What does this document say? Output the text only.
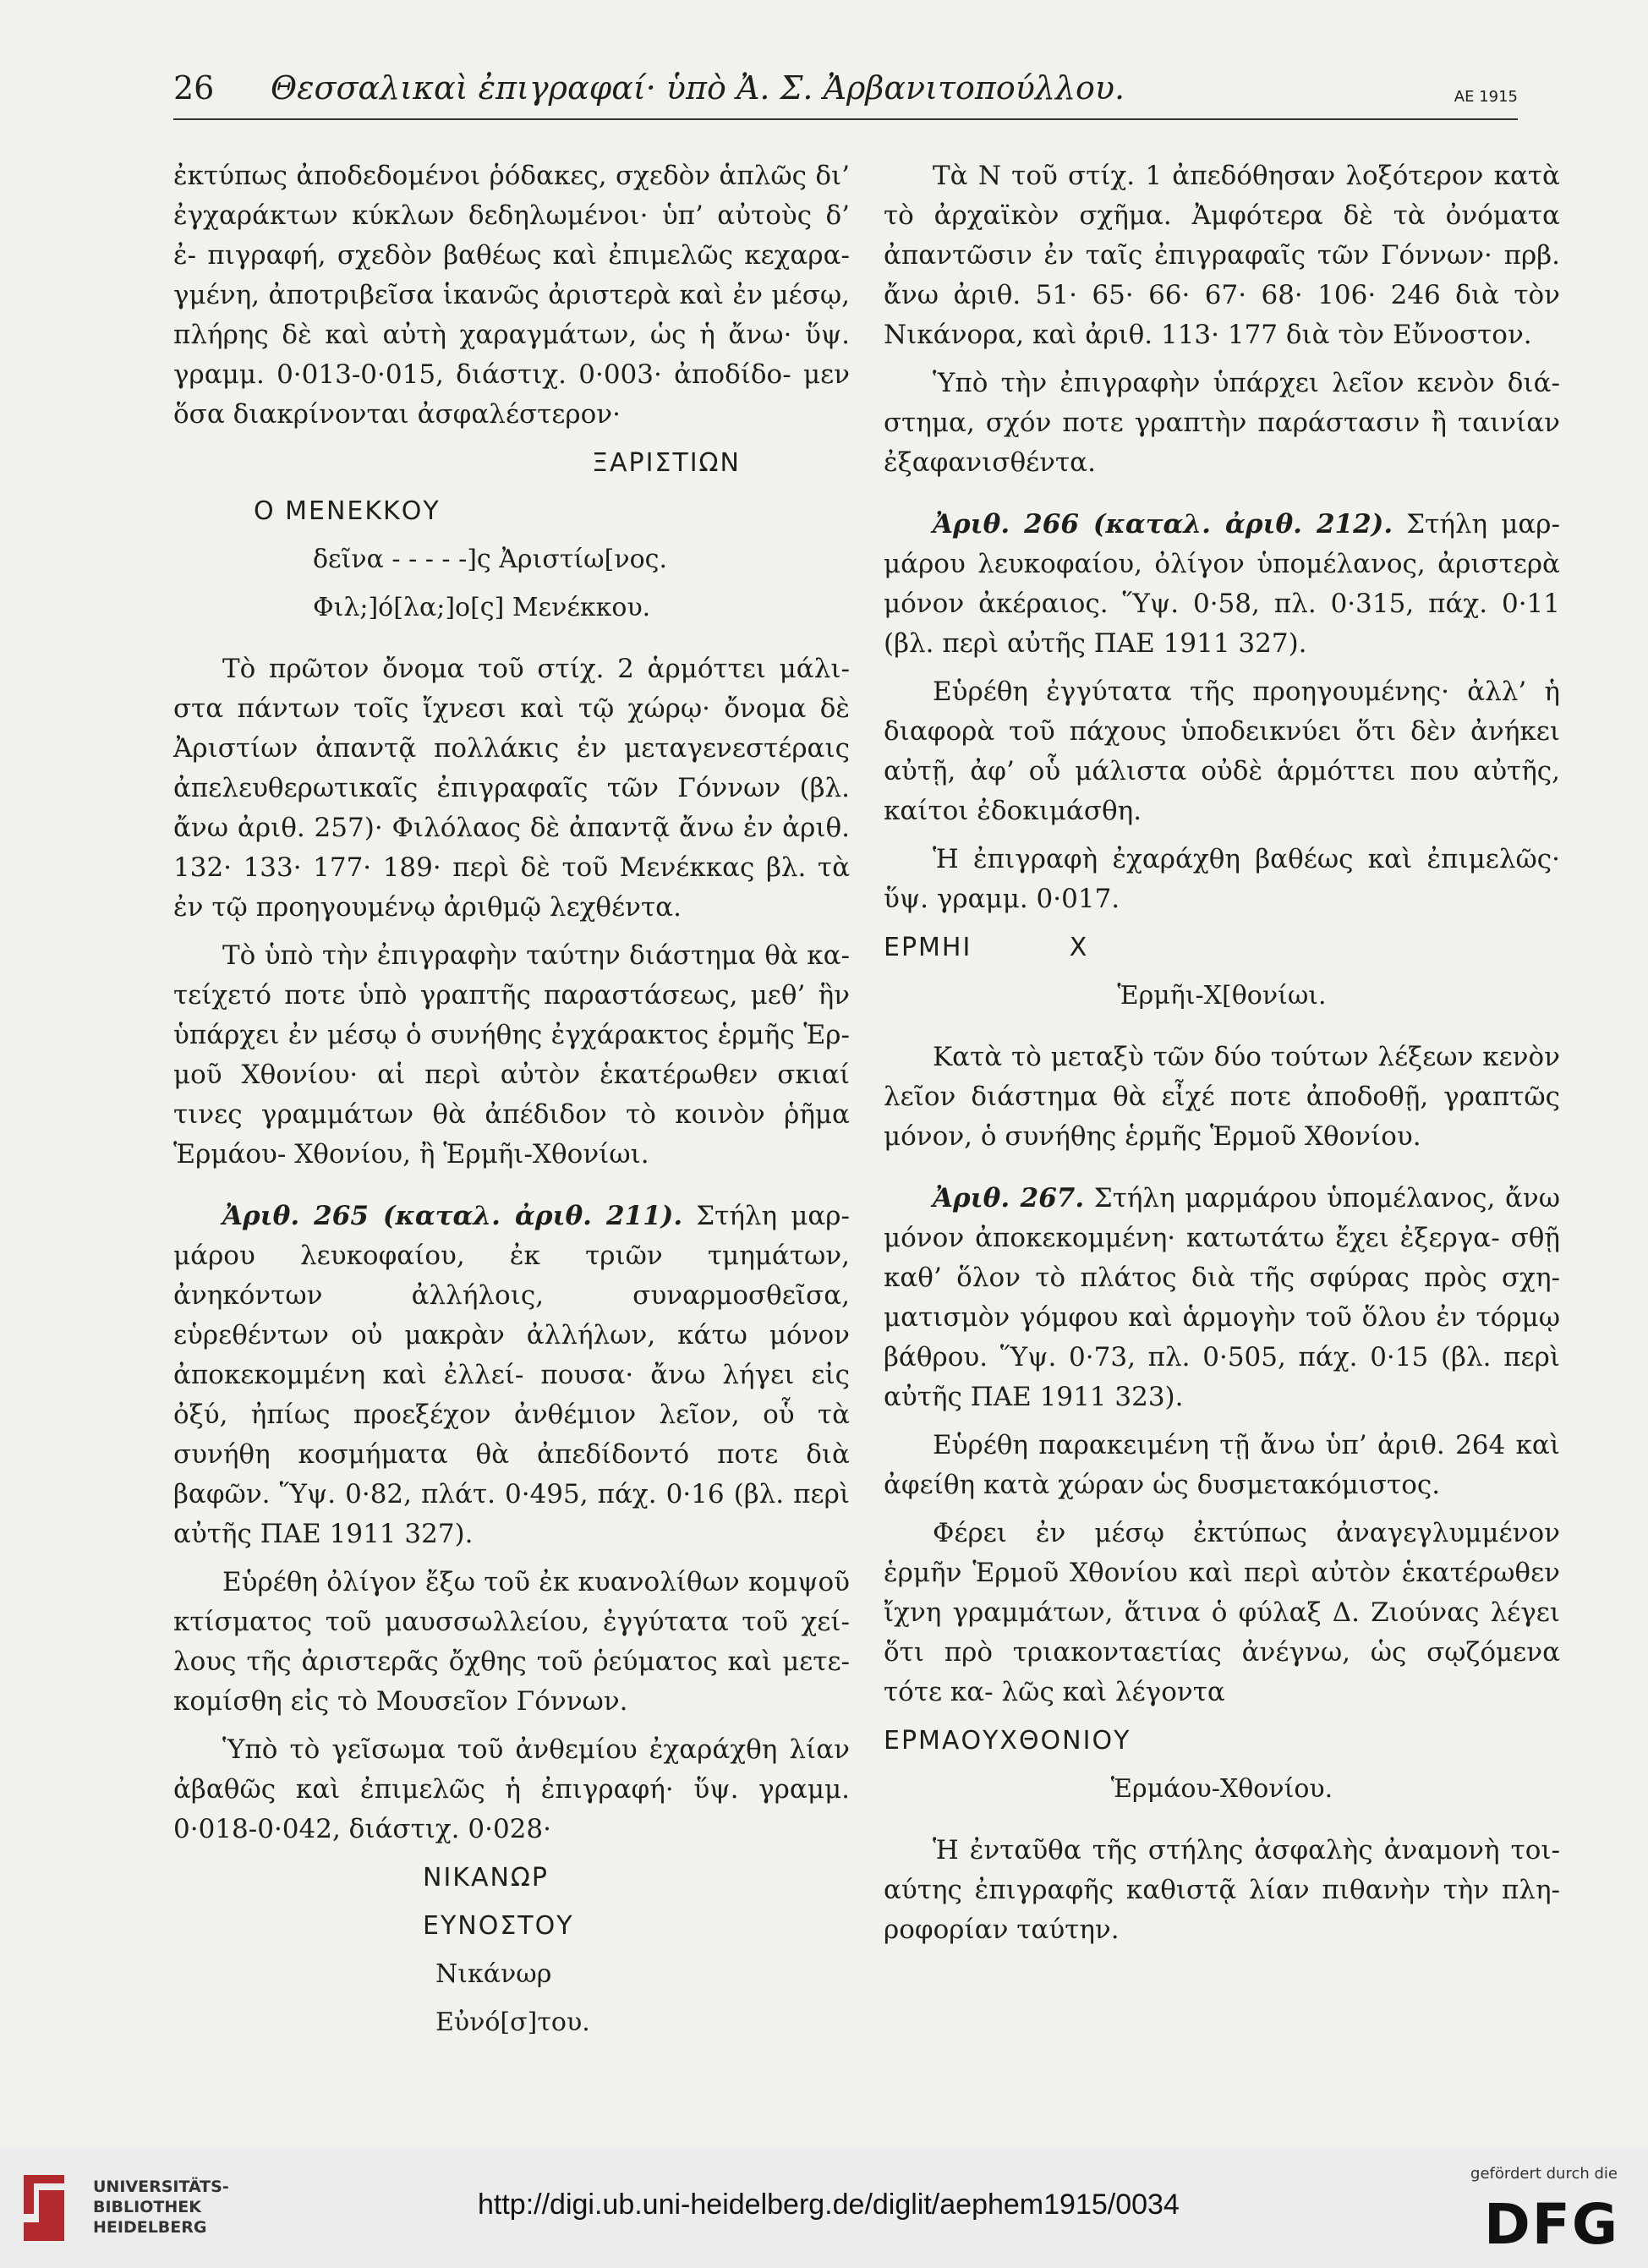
26 Θεσσαλικαὶ ἐπιγραφαί· ὑπὸ Ἀ. Σ. Ἀρβανιτοπούλλου.	ΑΕ 1915

ἐκτύπως ἀποδεδομένοι ῥόδακες, σχεδὸν ἁπλῶς δι’ ἐγχαράκτων κύκλων δεδηλωμένοι· ὑπ’ αὐτοὺς δ’ ἐ- πιγραφή, σχεδὸν βαθέως καὶ ἐπιμελῶς κεχαρα- γμένη, ἀποτριβεῖσα ἱκανῶς ἀριστερὰ καὶ ἐν μέσῳ, πλήρης δὲ καὶ αὐτὴ χαραγμάτων, ὡς ἡ ἄνω· ὕψ. γραμμ. 0·013-0·015, διάστιχ. 0·003· ἀποδίδο- μεν ὅσα διακρίνονται ἀσφαλέστερον·

ΞΑΡΙΣΤΙΩΝ

Ο ΜΕΝΕΚΚΟΥ

δεῖνα - - - - -]ς Ἀριστίω[νος.

Φιλ;]ό[λα;]ο[ς] Μενέκκου.

Τὸ πρῶτον ὄνομα τοῦ στίχ. 2 ἁρμόττει μάλι- στα πάντων τοῖς ἴχνεσι καὶ τῷ χώρῳ· ὄνομα δὲ Ἀριστίων ἀπαντᾷ πολλάκις ἐν μεταγενεστέραις ἀπελευθερωτικαῖς ἐπιγραφαῖς τῶν Γόννων (βλ. ἄνω ἀριθ. 257)· Φιλόλαος δὲ ἀπαντᾷ ἄνω ἐν ἀριθ. 132· 133· 177· 189· περὶ δὲ τοῦ Μενέκκας βλ. τὰ ἐν τῷ προηγουμένῳ ἀριθμῷ λεχθέντα.

Τὸ ὑπὸ τὴν ἐπιγραφὴν ταύτην διάστημα θὰ κα- τείχετό ποτε ὑπὸ γραπτῆς παραστάσεως, μεθ’ ἣν ὑπάρχει ἐν μέσῳ ὁ συνήθης ἐγχάρακτος ἑρμῆς Ἑρ- μοῦ Χθονίου· αἱ περὶ αὐτὸν ἑκατέρωθεν σκιαί τινες γραμμάτων θὰ ἀπέδιδον τὸ κοινὸν ῥῆμα Ἑρμάου- Χθονίου, ἢ Ἑρμῆι-Χθονίωι.

Ἀριθ. 265 (καταλ. ἀριθ. 211). Στήλη μαρ- μάρου λευκοφαίου, ἐκ τριῶν τμημάτων, ἀνηκόντων ἀλλήλοις, συναρμοσθεῖσα, εὑρεθέντων οὐ μακρὰν ἀλλήλων, κάτω μόνον ἀποκεκομμένη καὶ ἐλλεί- πουσα· ἄνω λήγει εἰς ὀξύ, ἠπίως προεξέχον ἀνθέμιον λεῖον, οὗ τὰ συνήθη κοσμήματα θὰ ἀπεδίδοντό ποτε διὰ βαφῶν. Ὕψ. 0·82, πλάτ. 0·495, πάχ. 0·16 (βλ. περὶ αὐτῆς ΠΑΕ 1911 327).

Εὑρέθη ὀλίγον ἔξω τοῦ ἐκ κυανολίθων κομψοῦ κτίσματος τοῦ μαυσσωλλείου, ἐγγύτατα τοῦ χεί- λους τῆς ἀριστερᾶς ὄχθης τοῦ ῥεύματος καὶ μετε- κομίσθη εἰς τὸ Μουσεῖον Γόννων.

Ὑπὸ τὸ γεῖσωμα τοῦ ἀνθεμίου ἐχαράχθη λίαν ἀβαθῶς καὶ ἐπιμελῶς ἡ ἐπιγραφή· ὕψ. γραμμ. 0·018-0·042, διάστιχ. 0·028·

ΝΙΚΑΝΩΡ

ΕΥΝΟΣΤΟΥ

Νικάνωρ

Εὐνό[σ]του.

Τὰ Ν τοῦ στίχ. 1 ἀπεδόθησαν λοξότερον κατὰ τὸ ἀρχαϊκὸν σχῆμα. Ἀμφότερα δὲ τὰ ὀνόματα ἀπαντῶσιν ἐν ταῖς ἐπιγραφαῖς τῶν Γόννων· πρβ. ἄνω ἀριθ. 51· 65· 66· 67· 68· 106· 246 διὰ τὸν Νικάνορα, καὶ ἀριθ. 113· 177 διὰ τὸν Εὔνοστον.

Ὑπὸ τὴν ἐπιγραφὴν ὑπάρχει λεῖον κενὸν διά- στημα, σχόν ποτε γραπτὴν παράστασιν ἢ ταινίαν ἐξαφανισθέντα.

Ἀριθ. 266 (καταλ. ἀριθ. 212). Στήλη μαρ- μάρου λευκοφαίου, ὀλίγον ὑπομέλανος, ἀριστερὰ μόνον ἀκέραιος. Ὕψ. 0·58, πλ. 0·315, πάχ. 0·11 (βλ. περὶ αὐτῆς ΠΑΕ 1911 327).

Εὑρέθη ἐγγύτατα τῆς προηγουμένης· ἀλλ’ ἡ διαφορὰ τοῦ πάχους ὑποδεικνύει ὅτι δὲν ἀνήκει αὐτῇ, ἀφ’ οὗ μάλιστα οὐδὲ ἁρμόττει που αὐτῆς, καίτοι ἐδοκιμάσθη.

Ἡ ἐπιγραφὴ ἐχαράχθη βαθέως καὶ ἐπιμελῶς· ὕψ. γραμμ. 0·017.

ΕΡΜΗΙ          Χ

Ἑρμῆι-Χ[θονίωι.

Κατὰ τὸ μεταξὺ τῶν δύο τούτων λέξεων κενὸν λεῖον διάστημα θὰ εἶχέ ποτε ἀποδοθῇ, γραπτῶς μόνον, ὁ συνήθης ἑρμῆς Ἑρμοῦ Χθονίου.

Ἀριθ. 267. Στήλη μαρμάρου ὑπομέλανος, ἄνω μόνον ἀποκεκομμένη· κατωτάτω ἔχει ἐξεργα- σθῇ καθ’ ὅλον τὸ πλάτος διὰ τῆς σφύρας πρὸς σχη- ματισμὸν γόμφου καὶ ἁρμογὴν τοῦ ὅλου ἐν τόρμῳ βάθρου. Ὕψ. 0·73, πλ. 0·505, πάχ. 0·15 (βλ. περὶ αὐτῆς ΠΑΕ 1911 323).

Εὑρέθη παρακειμένη τῇ ἄνω ὑπ’ ἀριθ. 264 καὶ ἀφείθη κατὰ χώραν ὡς δυσμετακόμιστος.

Φέρει ἐν μέσῳ ἐκτύπως ἀναγεγλυμμένον ἑρμῆν Ἑρμοῦ Χθονίου καὶ περὶ αὐτὸν ἑκατέρωθεν ἴχνη γραμμάτων, ἅτινα ὁ φύλαξ Δ. Ζιούνας λέγει ὅτι πρὸ τριακονταετίας ἀνέγνω, ὡς σῳζόμενα τότε κα- λῶς καὶ λέγοντα

ΕΡΜΑΟΥΧΘΟΝΙΟΥ

Ἑρμάου-Χθονίου.

Ἡ ἐνταῦθα τῆς στήλης ἀσφαλὴς ἀναμονὴ τοι- αύτης ἐπιγραφῆς καθιστᾷ λίαν πιθανὴν τὴν πλη- ροφορίαν ταύτην.

UNIVERSITÄTS-
BIBLIOTHEK
HEIDELBERG
http://digi.ub.uni-heidelberg.de/diglit/aephem1915/0034
gefördert durch die
DFG
